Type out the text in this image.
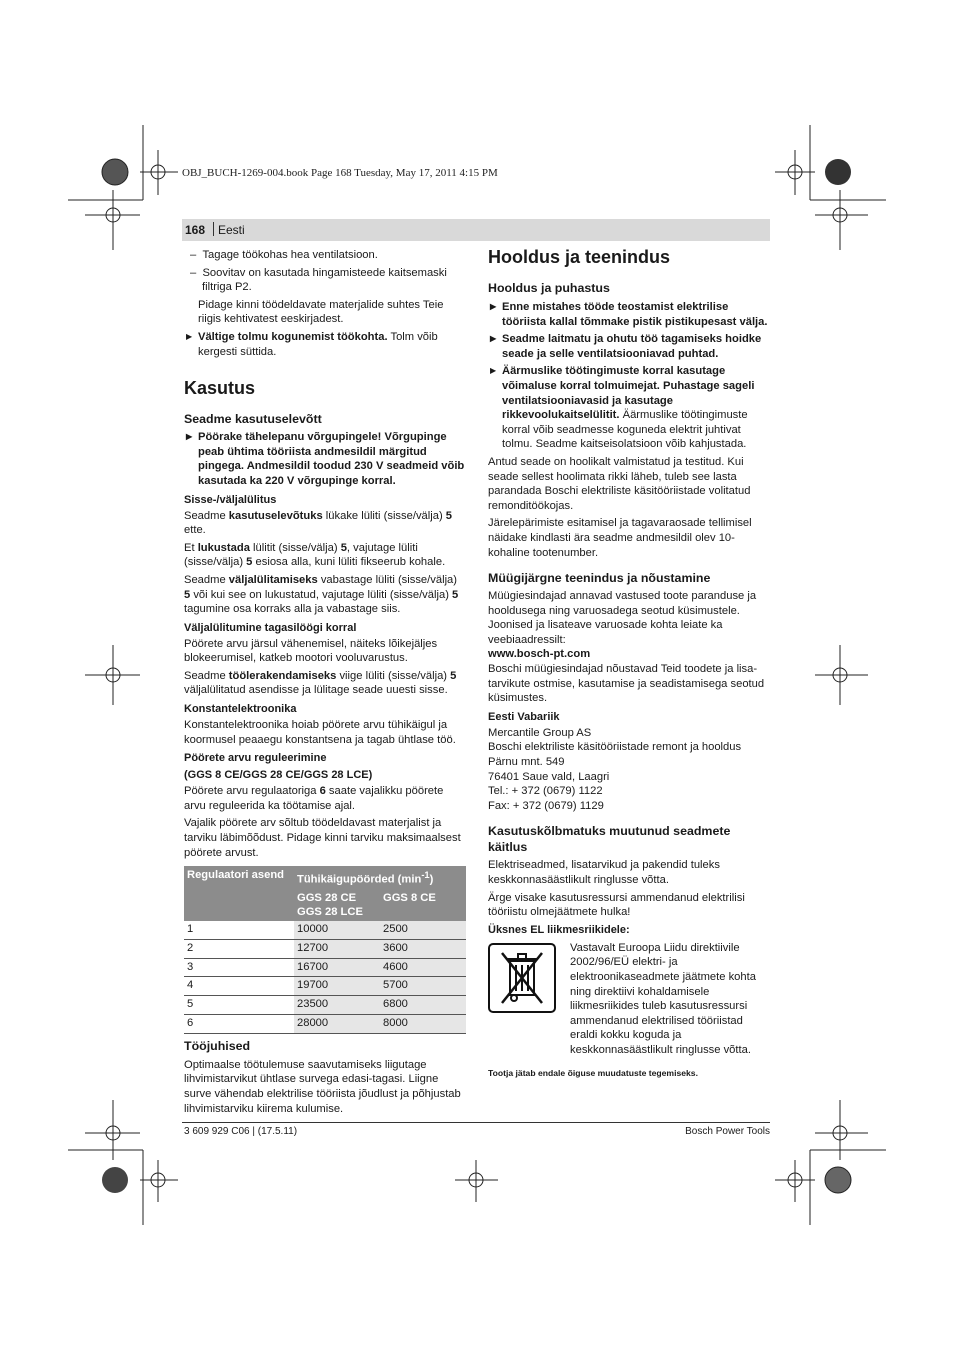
OBJ_BUCH-1269-004.book Page 168 Tuesday, May 17, 2011 4:15 PM
168 Eesti

–  Tagage töökohas hea ventilatsioon.

–  Soovitav on kasutada hingamisteede kaitsemaski filtriga P2.

Pidage kinni töödeldavate materjalide suhtes Teie riigis kehtivatest eeskirjadest.

▶ Vältige tolmu kogunemist töökohta. Tolm võib kergesti süttida.

Kasutus

Seadme kasutuselevõtt

▶ Pöörake tähelepanu võrgupingele! Võrgupinge peab ühtima tööriista andmesildil märgitud pingega. Andmesildil toodud 230 V seadmeid võib kasutada ka 220 V võrgupinge korral.

Sisse-/väljalülitus

Seadme kasutuselevõtuks lükake lüliti (sisse/välja) 5 ette.

Et lukustada lülitit (sisse/välja) 5, vajutage lüliti (sisse/välja) 5 esiosa alla, kuni lüliti fikseerub kohale.

Seadme väljalülitamiseks vabastage lüliti (sisse/välja) 5 või kui see on lukustatud, vajutage lüliti (sisse/välja) 5 tagumine osa korraks alla ja vabastage siis.

Väljalülitumine tagasilöögi korral

Pöörete arvu järsul vähenemisel, näiteks lõikejäljes blokeerumisel, katkeb mootori vooluvarustus.

Seadme töölerakendamiseks viige lüliti (sisse/välja) 5 väljalülitatud asendisse ja lülitage seade uuesti sisse.

Konstantelektroonika

Konstantelektroonika hoiab pöörete arvu tühikäigul ja koormusel peaaegu konstantsena ja tagab ühtlase töö.

Pöörete arvu reguleerimine

(GGS 8 CE/GGS 28 CE/GGS 28 LCE)

Pöörete arvu regulaatoriga 6 saate vajalikku pöörete arvu reguleerida ka töötamise ajal.

Vajalik pöörete arv sõltub töödeldavast materjalist ja tarviku läbimõõdust. Pidage kinni tarviku maksimaalsest pöörete arvust.

Regulaatori asend	Tühikäigupöörded $(\min^{-1})$	
	GGS 28 CE GGS 28 LCE	GGS 8 CE
1	10000	2500
2	12700	3600
3	16700	4600
4	19700	5700
5	23500	6800
6	28000	8000

Tööjuhised

Optimaalse töötulemuse saavutamiseks liigutage lihvimistarvikut ühtlase survega edasi-tagasi. Liigne surve vähendab elektrilise tööriista jõudlust ja põhjustab lihvimistarviku kiirema kulumise.

Hooldus ja teenindus

Hooldus ja puhastus

▶ Enne mistahes tööde teostamist elektrilise tööriista kallal tõmmake pistik pistikupesast välja.

▶ Seadme laitmatu ja ohutu töö tagamiseks hoidke seade ja selle ventilatsiooniavad puhtad.

▶ Äärmuslike töötingimuste korral kasutage võimaluse korral tolmuimejat. Puhastage sageli ventilatsiooniavasid ja kasutage rikkevoolukaitselülitit. Äärmuslike töötingimuste korral võib seadmesse koguneda elektrit juhtivat tolmu. Seadme kaitseisolatsioon võib kahjustada.

Antud seade on hoolikalt valmistatud ja testitud. Kui seade sellest hoolimata rikki läheb, tuleb see lasta parandada Boschi elektriliste käsitööriistade volitatud remonditöökojas.

Järelepärimiste esitamisel ja tagavaraosade tellimisel näidake kindlasti ära seadme andmesildil olev 10-kohaline tootenumber.

Müügijärgne teenindus ja nõustamine

Müügiesindajad annavad vastused toote paranduse ja hooldusega ning varuosadega seotud küsimustele. Joonised ja lisateave varuosade kohta leiate ka veebiaadressilt:
www.bosch-pt.com

Boschi müügiesindajad nõustavad Teid toodete ja lisa-tarvikute ostmise, kasutamise ja seadistamisega seotud küsimustes.

Eesti Vabariik

Mercantile Group AS
Boschi elektriliste käsitööriistade remont ja hooldus
Pärnu mnt. 549
76401 Saue vald, Laagri
Tel.: + 372 (0679) 1122
Fax: + 372 (0679) 1129

Kasutuskõlbmatuks muutunud seadmete käitlus

Elektriseadmed, lisatarvikud ja pakendid tuleks keskkonnasäästlikult ringlusse võtta.

Ärge visake kasutusressursi ammendanud elektrilisi tööriistu olmejäätmete hulka!

Üksnes EL liikmesriikidele:

Vastavalt Euroopa Liidu direktiivile 2002/96/EÜ elektri- ja elektroonikaseadmete jäätmete kohta ning direktiivi kohaldamisele liikmesriikides tuleb kasutusressursi ammendanud elektrilised tööriistad eraldi kokku koguda ja keskkonnasäästlikult ringlusse võtta.

Tootja jätab endale õiguse muudatuste tegemiseks.

3 609 929 C06 | (17.5.11)	Bosch Power Tools
